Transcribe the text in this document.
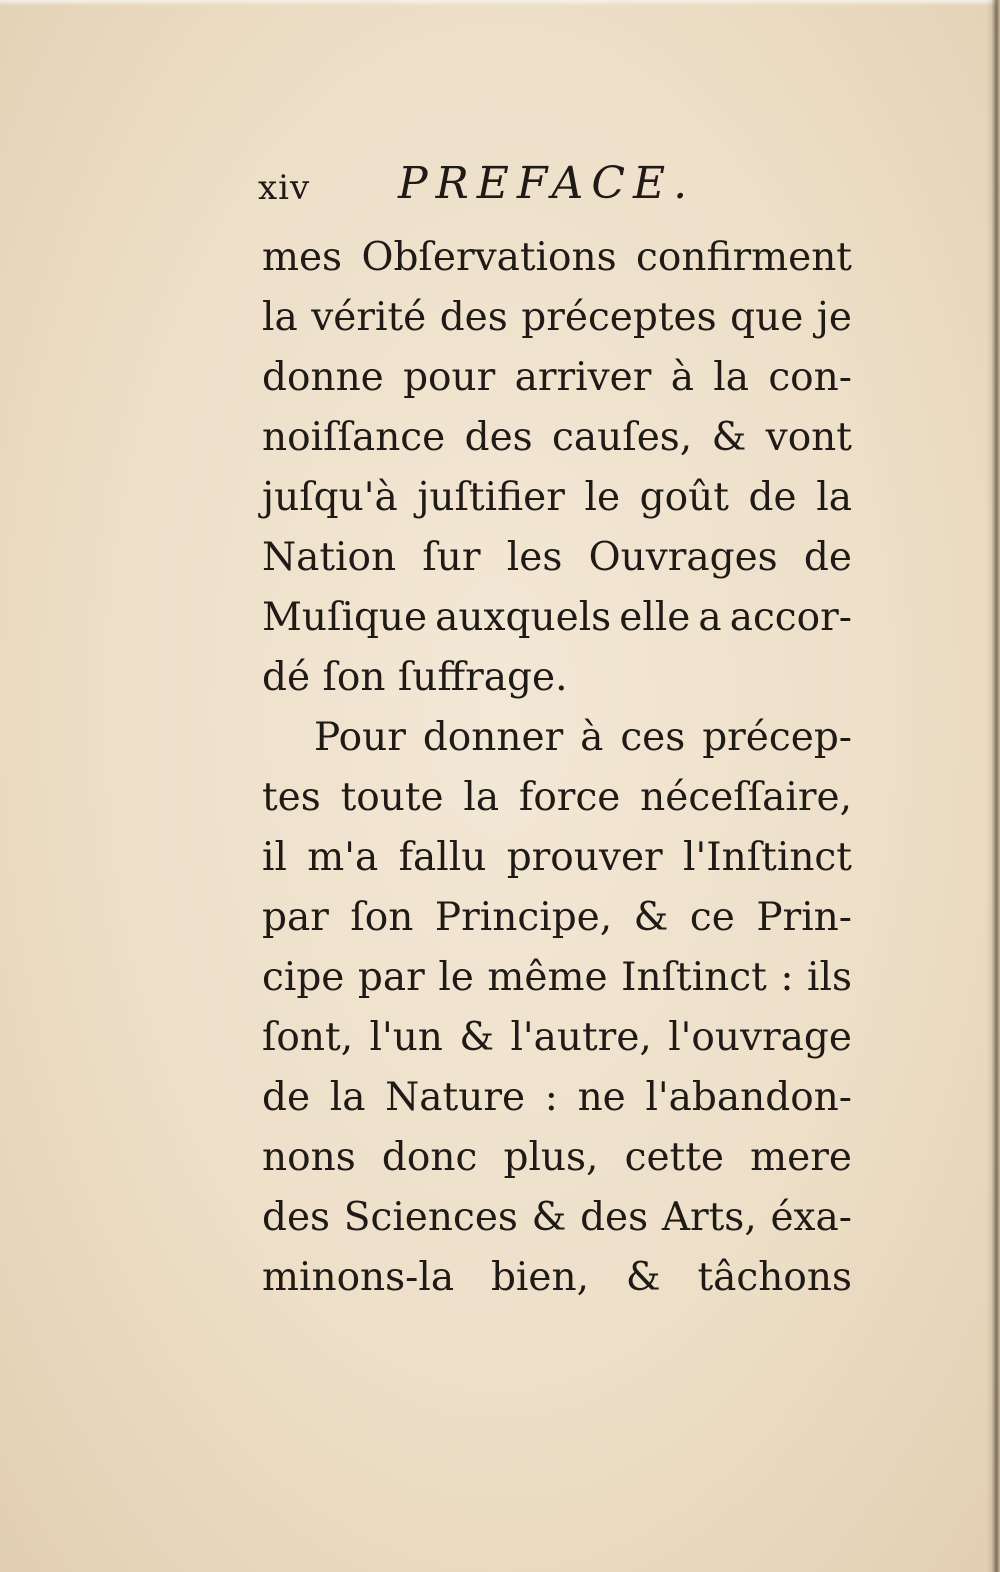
xiv PREFACE.
mes Obſervations confirment
la vérité des préceptes que je
donne pour arriver à la con-
noiſſance des cauſes, & vont
juſqu'à juſtifier le goût de la
Nation ſur les Ouvrages de
Muſique auxquels elle a accor-
dé ſon ſuffrage.
Pour donner à ces précep-
tes toute la force néceſſaire,
il m'a fallu prouver l'Inſtinct
par ſon Principe, & ce Prin-
cipe par le même Inſtinct : ils
ſont, l'un & l'autre, l'ouvrage
de la Nature : ne l'abandon-
nons donc plus, cette mere
des Sciences & des Arts, éxa-
minons-la bien, & tâchons
